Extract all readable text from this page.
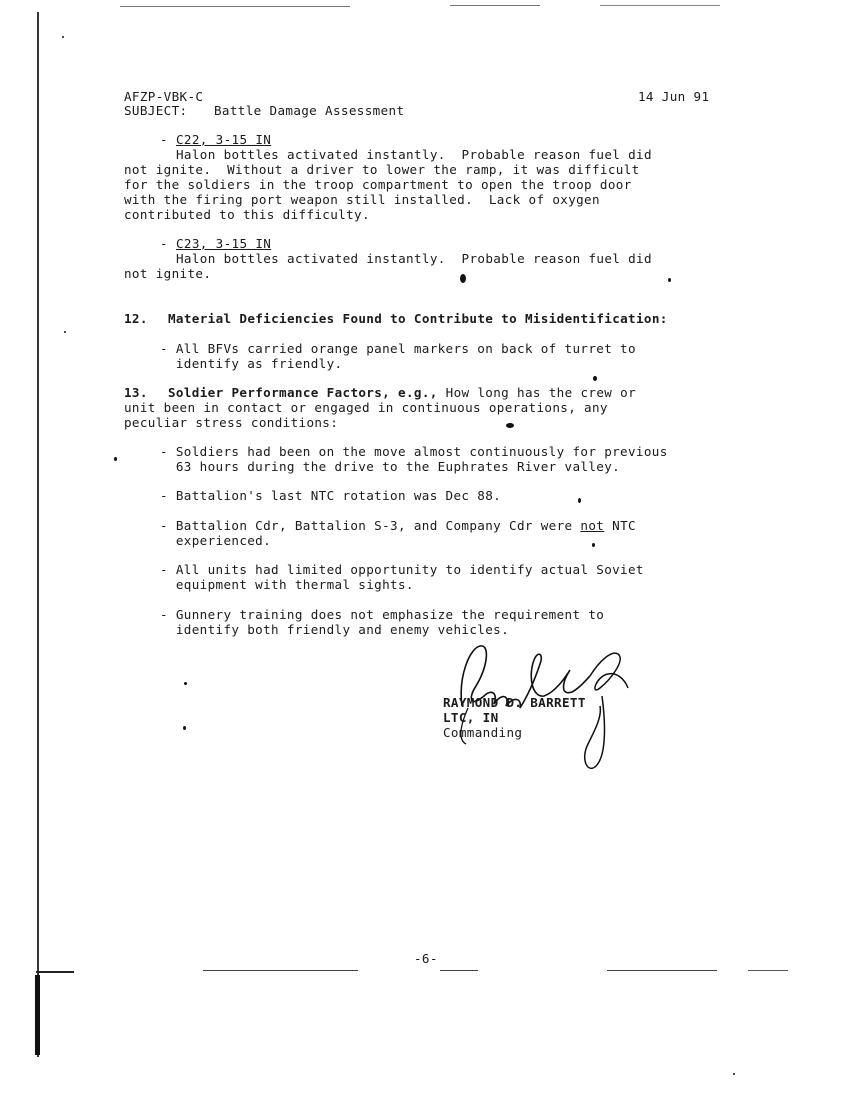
AFZP-VBK-C	14 Jun 91
SUBJECT: Battle Damage Assessment
- C22, 3-15 IN
Halon bottles activated instantly.  Probable reason fuel did
not ignite.  Without a driver to lower the ramp, it was difficult
for the soldiers in the troop compartment to open the troop door
with the firing port weapon still installed.  Lack of oxygen
contributed to this difficulty.
- C23, 3-15 IN
Halon bottles activated instantly.  Probable reason fuel did
not ignite.
12. Material Deficiencies Found to Contribute to Misidentification:
- All BFVs carried orange panel markers on back of turret to
identify as friendly.
13. Soldier Performance Factors, e.g., How long has the crew or
unit been in contact or engaged in continuous operations, any
peculiar stress conditions:
- Soldiers had been on the move almost continuously for previous
63 hours during the drive to the Euphrates River valley.
- Battalion's last NTC rotation was Dec 88.
- Battalion Cdr, Battalion S-3, and Company Cdr were not NTC
experienced.
- All units had limited opportunity to identify actual Soviet
equipment with thermal sights.
- Gunnery training does not emphasize the requirement to
identify both friendly and enemy vehicles.
RAYMOND D. BARRETT
LTC, IN
Commanding
-6-
